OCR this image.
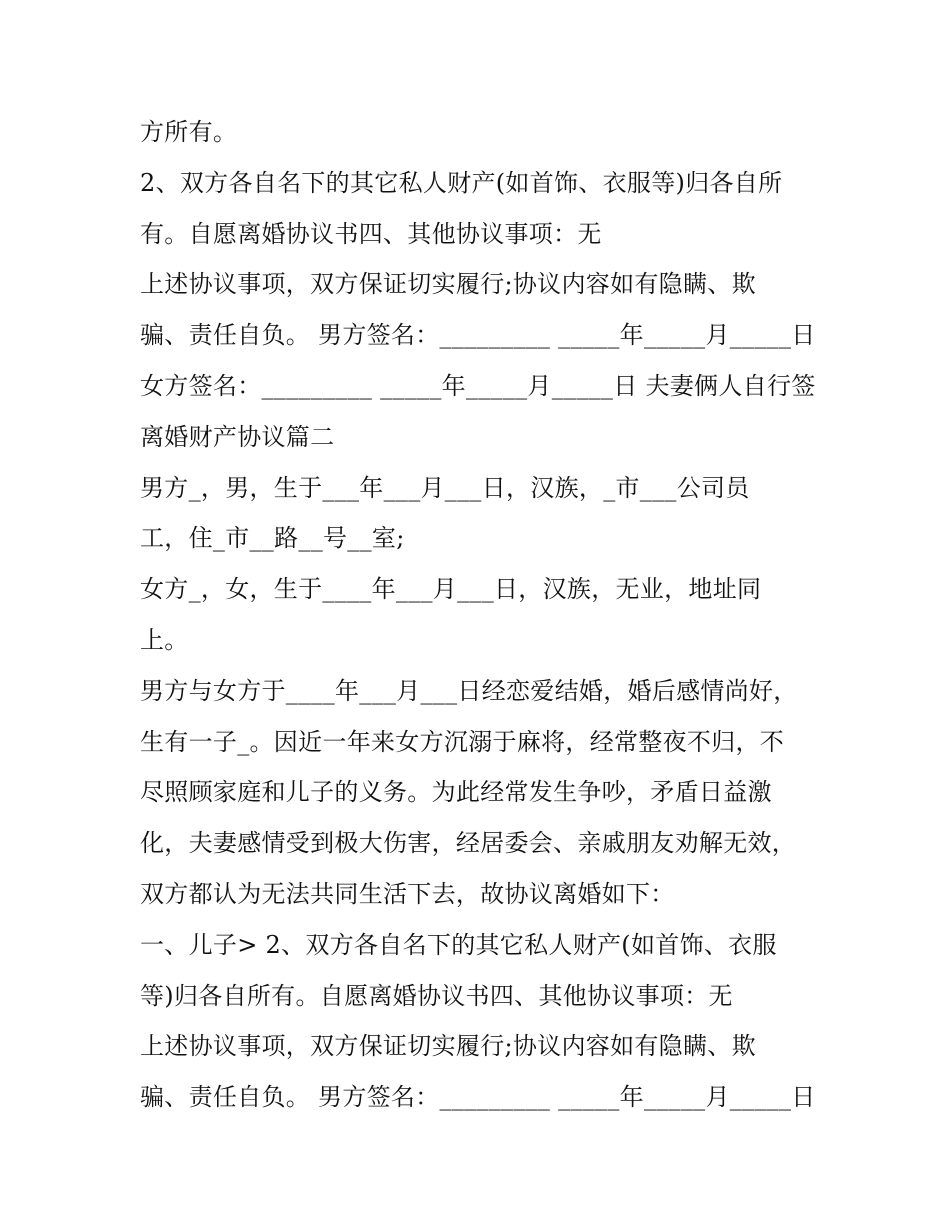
方所有。
2、双方各自名下的其它私人财产(如首饰、衣服等)归各自所
有。自愿离婚协议书四、其他协议事项：无
上述协议事项，双方保证切实履行;协议内容如有隐瞒、欺
骗、责任自负。 男方签名：_________ _____年_____月_____日
女方签名：_________ _____年_____月_____日 夫妻俩人自行签
离婚财产协议篇二
男方_，男，生于___年___月___日，汉族，_市___公司员
工，住_市__路__号__室;
女方_，女，生于____年___月___日，汉族，无业，地址同
上。
男方与女方于____年___月___日经恋爱结婚，婚后感情尚好，
生有一子_。因近一年来女方沉溺于麻将，经常整夜不归，不
尽照顾家庭和儿子的义务。为此经常发生争吵，矛盾日益激
化，夫妻感情受到极大伤害，经居委会、亲戚朋友劝解无效，
双方都认为无法共同生活下去，故协议离婚如下：
一、儿子> 2、双方各自名下的其它私人财产(如首饰、衣服
等)归各自所有。自愿离婚协议书四、其他协议事项：无
上述协议事项，双方保证切实履行;协议内容如有隐瞒、欺
骗、责任自负。 男方签名：_________ _____年_____月_____日
